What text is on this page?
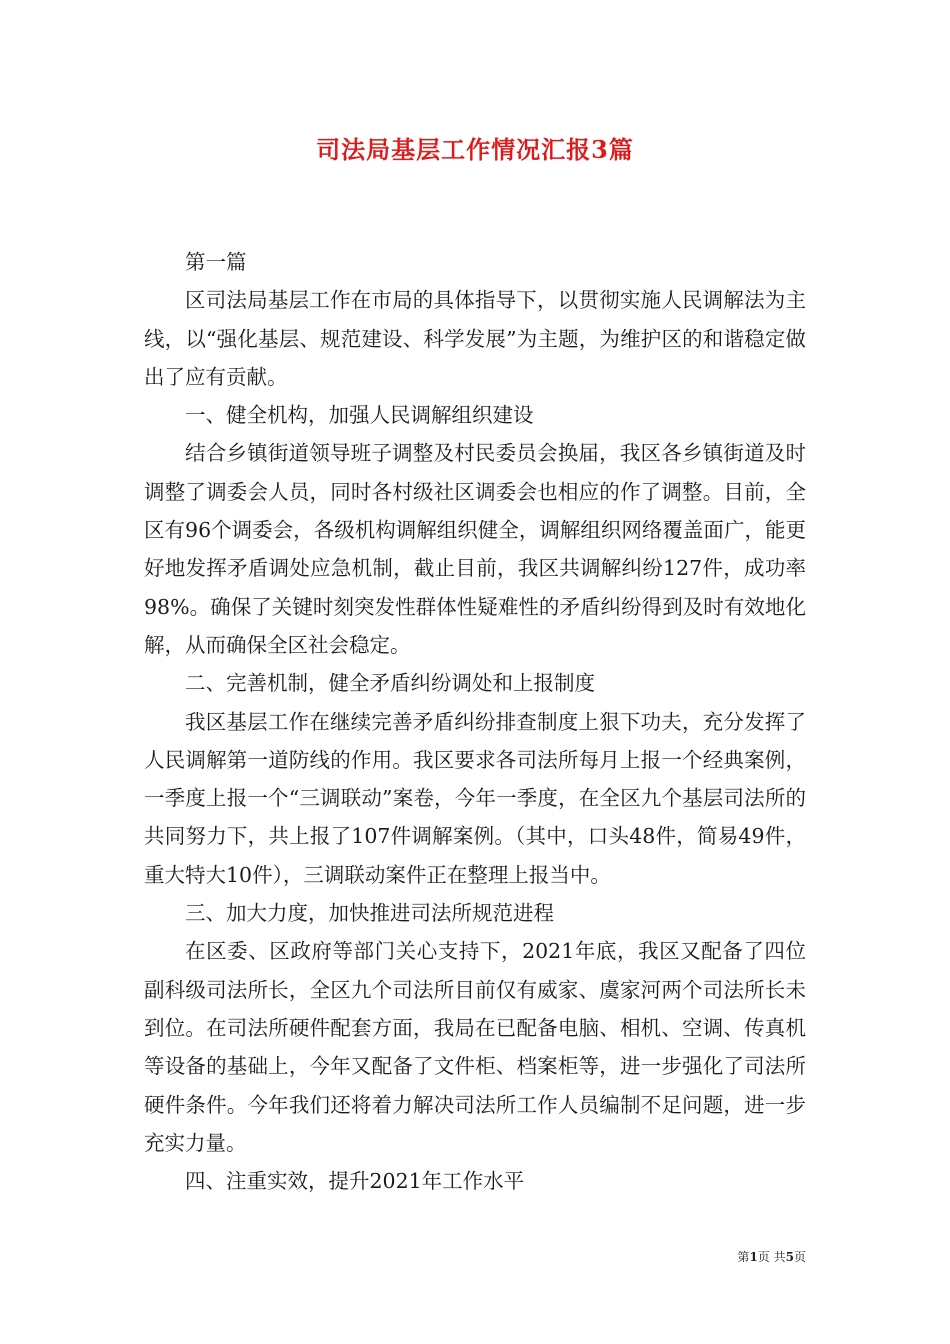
司法局基层工作情况汇报3篇

第一篇

区司法局基层工作在市局的具体指导下，以贯彻实施人民调解法为主线，以“强化基层、规范建设、科学发展”为主题，为维护区的和谐稳定做出了应有贡献。

一、健全机构，加强人民调解组织建设

结合乡镇街道领导班子调整及村民委员会换届，我区各乡镇街道及时调整了调委会人员，同时各村级社区调委会也相应的作了调整。目前，全区有96个调委会，各级机构调解组织健全，调解组织网络覆盖面广，能更好地发挥矛盾调处应急机制，截止目前，我区共调解纠纷127件，成功率98%。确保了关键时刻突发性群体性疑难性的矛盾纠纷得到及时有效地化解，从而确保全区社会稳定。

二、完善机制，健全矛盾纠纷调处和上报制度

我区基层工作在继续完善矛盾纠纷排查制度上狠下功夫，充分发挥了人民调解第一道防线的作用。我区要求各司法所每月上报一个经典案例，一季度上报一个“三调联动”案卷，今年一季度，在全区九个基层司法所的共同努力下，共上报了107件调解案例。（其中，口头48件，简易49件，重大特大10件），三调联动案件正在整理上报当中。

三、加大力度，加快推进司法所规范进程

在区委、区政府等部门关心支持下，2021年底，我区又配备了四位副科级司法所长，全区九个司法所目前仅有威家、虞家河两个司法所长未到位。在司法所硬件配套方面，我局在已配备电脑、相机、空调、传真机等设备的基础上，今年又配备了文件柜、档案柜等，进一步强化了司法所硬件条件。今年我们还将着力解决司法所工作人员编制不足问题，进一步充实力量。

四、注重实效，提升2021年工作水平

第1页 共5页
